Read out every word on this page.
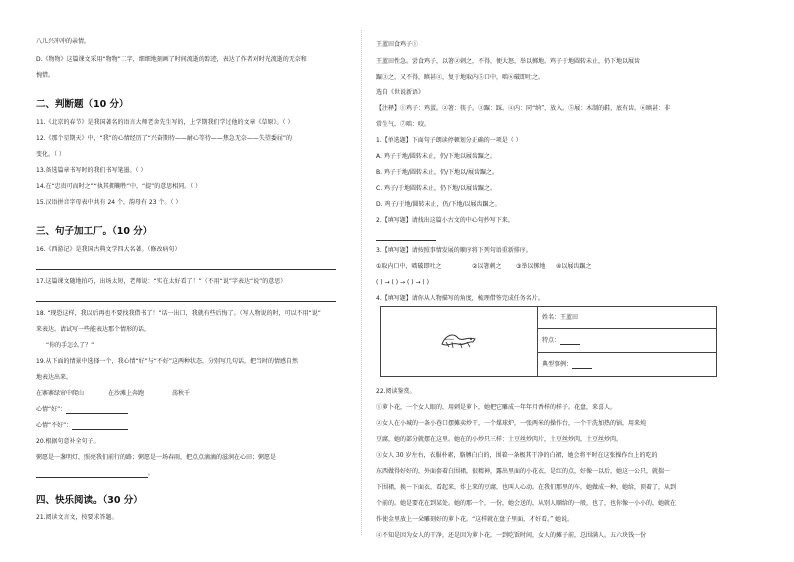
八儿兴冲冲的亲情。
D.《物物》这篇课文采用“物物”二字，细细地刻画了时间流逝的踪迹，表达了作者对时光流逝的无奈和
惋惜。
二、判断题（10 分）
11.《北京的春节》是我国著名的语言大师老舍先生写的，上学期我们学过他的文章《草原》。（ ）
12.《那个星期天》中，“我”的心情经历了“兴奋期待——耐心等待——焦急无奈——失望委屈”的
变化。（ ）
13.备选篇章书写时的我们书写笔墨。（ ）
14.在“忠贵可而时之”“执其拥鞠牲”中，“提”的意思相同。（ ）
15.汉语拼音字母表中共有 24 个，韵母有 23 个。（ ）
三、句子加工厂。（10 分）
16.《西游记》是我国古典文学四大名著。（修改病句）
17.这篇课文随地拍巧，出场太短，老师说：“实在太好看了！”（不用“说”字表达“说”的意思）
18. “现恐这样，我以后再也不要找我借书了！”话一出口，我就有些后悔了。（写人物说的时，可以不用“说”
来表达。请试写一些能表达那个情形的话，
“你的手怎么了？”
19.从下面的情景中选择一个，我心情“好”与“不好”这两种状态，分别写几句话，把当时的情感自然
地表达出来。
在寨寨绿帘中爬山	在沙滩上奔跑	荡秋千
心情“好”：
心情“不好”：
20.根据句意补全句子。
粥愿是一盏明灯，照亮我们前行的路；粥愿是一场春雨，把点点滴滴的滋润在心田；粥愿是
。
四、快乐阅读。（30 分）
21.阅读文言文，按要求答题。
王蓝田食鸡子①
王蓝田性急。尝食鸡子，以箸②刺之，不得，便大怒，举以掷地。鸡子于地圆转未止，仍下地以屐齿
蹍③之，又不得，瞋甚④，复于地取内⑤口中，啮⑥破即吐之。
选自《世说新语》
【注释】①鸡子：鸡蛋。②箸：筷子。③蹍：踩。④内：同“纳”，放入。⑤屐：木制的鞋，底有齿。⑥瞋甚：非
常生气。⑦啮：咬。
1.【单选题】下面句子朗读停顿划分正确的一项是（ ）
A. 鸡子于地/圆转未止，仍/下地以屐齿蹍之。
B. 鸡子于地/圆转未止，仍/下地以/屐齿蹍之。
C. 鸡子/于地圆转未止，仍下地/以屐齿蹍之。
D. 鸡子/于地/圆转未止，仍/下地/以屐齿蹍之。
2.【填写题】请找出这篇小古文的中心句抄写下来。
3.【填写题】请按照事情发展的顺序将下列句语重新排序。
①取内口中，啮破即吐之	②以箸刺之 ③举以掷地 ④以屐齿蹍之
( ) → ( ) → ( ) → ( )
4.【填写题】请你从人物描写的角度，梳理借签完成任务名片。
	姓名：王蓝田
特点：
典型事例：
22.阅读鉴赏。
①萝卜花，一个女人眼的，用刺是萝卜，她把它雕成一年年月香样的样子。花盘，来喜人。
②女人在小城的一条小巷口摆摊卖炒干，一个煤球炉，一张两米的操作台，一个干洗加热的锅，用来炖
豆腐，她的部分就摆在这里。她在的小炒只三样：土豆丝炒肉片，土豆丝炒肉，土豆丝炒肉。
③女人 30 岁左右，衣服朴素，胳膊白白的，围着一条极其干净的白裙，她会将平时在这张操作台上的吃的
东西做得好好的，外面套着白围裙，很精神，露出里面的小花衣，是红的点，好像一以后，她这一公只，就揣一
下围裙，换一下面衣，看起来，炸上来的豆腐，也叫人心动。在我们那里的车，她做成一种，她给，顶着了，从到
个前的。她是要花在到某处。她的那一个，一份，她会送的，从别人顺给的一般，也了，也你像一小小的，她就在
作使金里放上一朵雕刻好的萝卜花。“这样就在盘子里面，才好看。” 她说。
④不知是因为女人的干净，还是因为萝卜花，一到吃饭时间，女人的摊子前，总围满人。五六块钱一份
